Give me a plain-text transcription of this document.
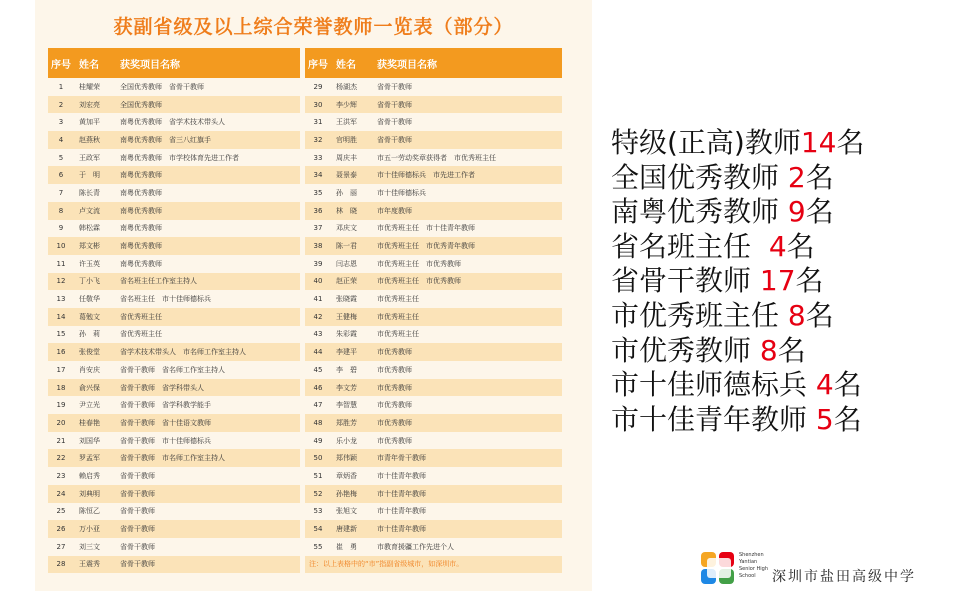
获副省级及以上综合荣誉教师一览表（部分）
序号	姓名	获奖项目名称
1	桂耀荣	全国优秀教师　省骨干教师
2	刘宏亮	全国优秀教师
3	黄加平	南粤优秀教师　省学术技术带头人
4	赵燕秋	南粤优秀教师　省三八红旗手
5	王政军	南粤优秀教师　市学校体育先进工作者
6	于　明	南粤优秀教师
7	陈长青	南粤优秀教师
8	卢文流	南粤优秀教师
9	韩松霖	南粤优秀教师
10	郑文彬	南粤优秀教师
11	许玉英	南粤优秀教师
12	丁小飞	省名班主任工作室主持人
13	任敬华	省名班主任　市十佳师德标兵
14	葛勉文	省优秀班主任
15	孙　莉	省优秀班主任
16	张俊堂	省学术技术带头人　市名师工作室主持人
17	肖安庆	省骨干教师　省名师工作室主持人
18	俞兴保	省骨干教师　省学科带头人
19	尹立光	省骨干教师　省学科教学能手
20	桂春艳	省骨干教师　省十佳语文教师
21	刘国华	省骨干教师　市十佳师德标兵
22	罗孟军	省骨干教师　市名师工作室主持人
23	赖启秀	省骨干教师
24	刘典明	省骨干教师
25	陈恒乙	省骨干教师
26	万小亚	省骨干教师
27	刘三文	省骨干教师
28	王震秀	省骨干教师
序号	姓名	获奖项目名称
29	杨湖杰	省骨干教师
30	李少辉	省骨干教师
31	王洪军	省骨干教师
32	官明胜	省骨干教师
33	周庆丰	市五一劳动奖章获得者　市优秀班主任
34	聂景泰	市十佳师德标兵　市先进工作者
35	孙　丽	市十佳师德标兵
36	林　晓	市年度教师
37	邓庆文	市优秀班主任　市十佳青年教师
38	陈一君	市优秀班主任　市优秀青年教师
39	闫志恩	市优秀班主任　市优秀教师
40	赵正荣	市优秀班主任　市优秀教师
41	张晓霞	市优秀班主任
42	王健梅	市优秀班主任
43	朱彩霞	市优秀班主任
44	李建平	市优秀教师
45	李　碧	市优秀教师
46	李文芳	市优秀教师
47	李智慧	市优秀教师
48	郑胜芳	市优秀教师
49	乐小龙	市优秀教师
50	郑伟颖	市青年骨干教师
51	章炳香	市十佳青年教师
52	孙艳梅	市十佳青年教师
53	张旭文	市十佳青年教师
54	唐建新	市十佳青年教师
55	崔　勇	市教育援疆工作先进个人
注：以上表格中的“市”指副省级城市，如深圳市。		
特级(正高)教师14名
全国优秀教师 2名
南粤优秀教师 9名
省名班主任  4名
省骨干教师 17名
市优秀班主任 8名
市优秀教师 8名
市十佳师德标兵 4名
市十佳青年教师 5名
Shenzhen
Yantian
Senior High School	深圳市盐田高级中学
